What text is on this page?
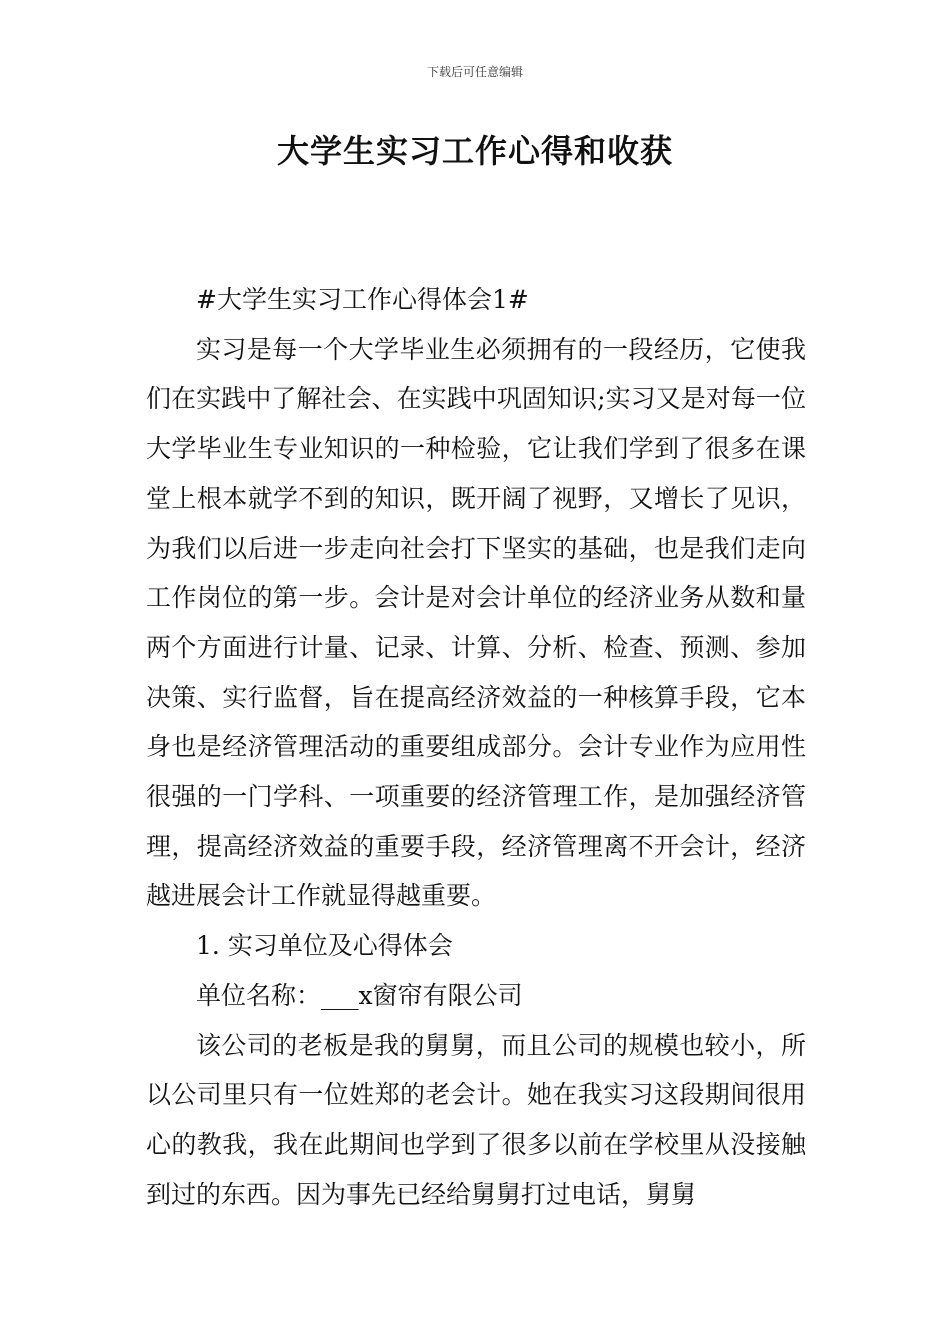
下载后可任意编辑
大学生实习工作心得和收获

#大学生实习工作心得体会1#

实习是每一个大学毕业生必须拥有的一段经历，它使我们在实践中了解社会、在实践中巩固知识;实习又是对每一位大学毕业生专业知识的一种检验，它让我们学到了很多在课堂上根本就学不到的知识，既开阔了视野，又增长了见识，为我们以后进一步走向社会打下坚实的基础，也是我们走向工作岗位的第一步。会计是对会计单位的经济业务从数和量两个方面进行计量、记录、计算、分析、检查、预测、参加决策、实行监督，旨在提高经济效益的一种核算手段，它本身也是经济管理活动的重要组成部分。会计专业作为应用性很强的一门学科、一项重要的经济管理工作，是加强经济管理，提高经济效益的重要手段，经济管理离不开会计，经济越进展会计工作就显得越重要。

1. 实习单位及心得体会

单位名称：___x窗帘有限公司

该公司的老板是我的舅舅，而且公司的规模也较小，所以公司里只有一位姓郑的老会计。她在我实习这段期间很用心的教我，我在此期间也学到了很多以前在学校里从没接触到过的东西。因为事先已经给舅舅打过电话，舅舅
